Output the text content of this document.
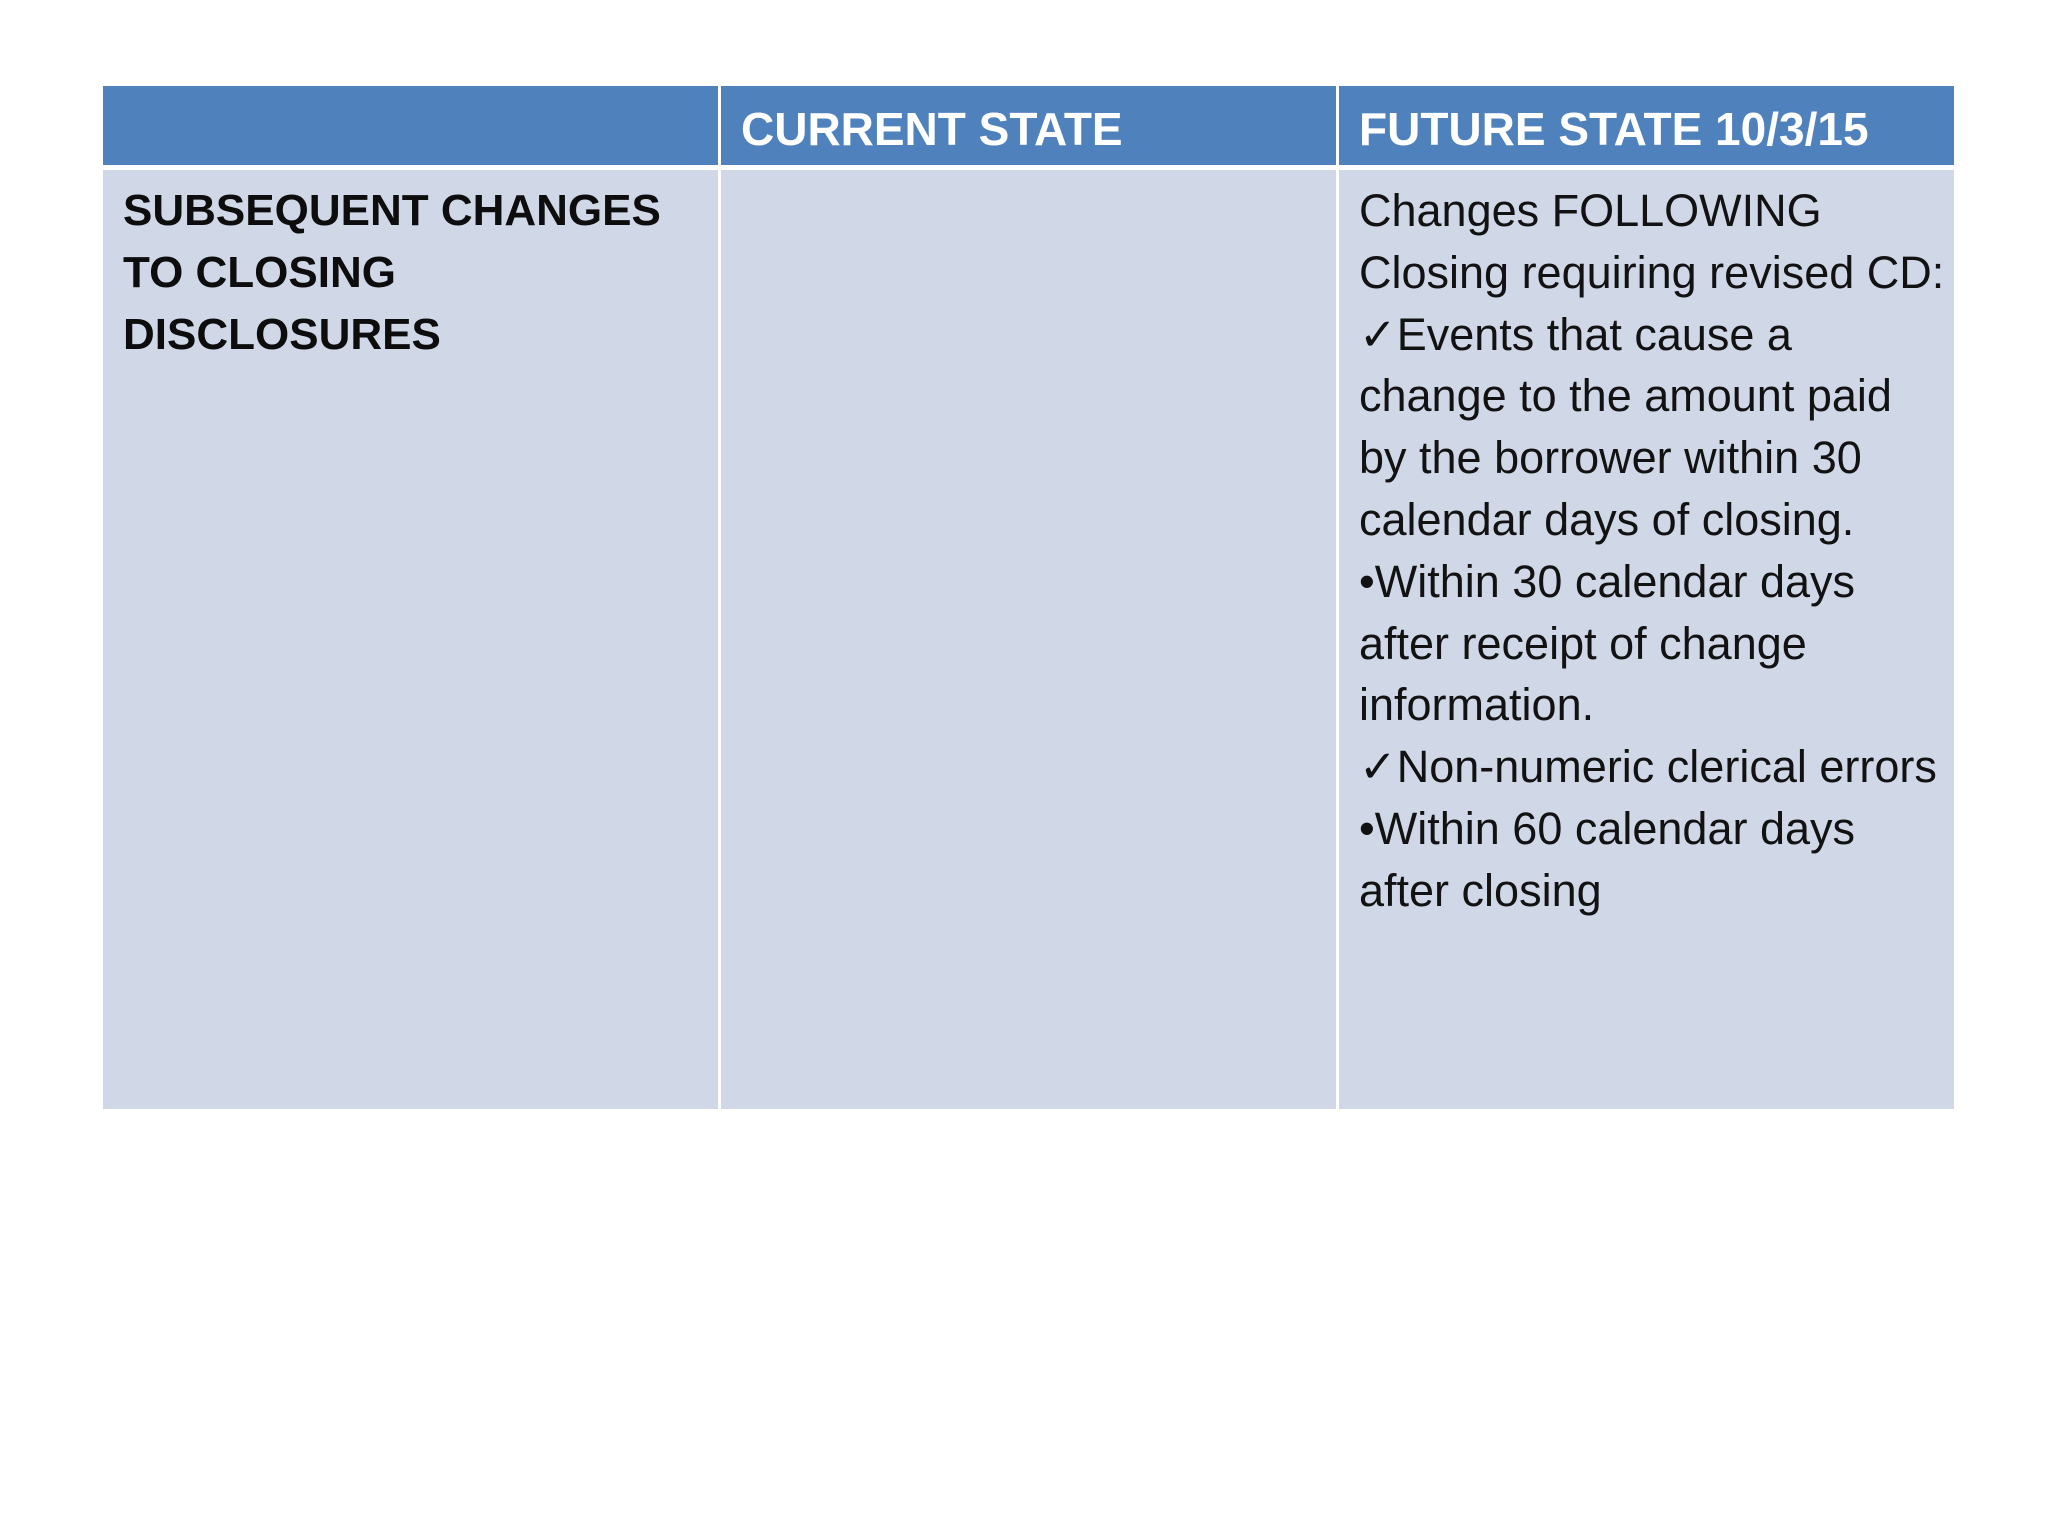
CURRENT STATE	FUTURE STATE 10/3/15
SUBSEQUENT CHANGES TO CLOSING DISCLOSURES
Changes FOLLOWING Closing requiring revised CD:
✓Events that cause a change to the amount paid by the borrower within 30 calendar days of closing.
•Within 30 calendar days after receipt of change information.
✓Non-numeric clerical errors
•Within 60 calendar days after closing
